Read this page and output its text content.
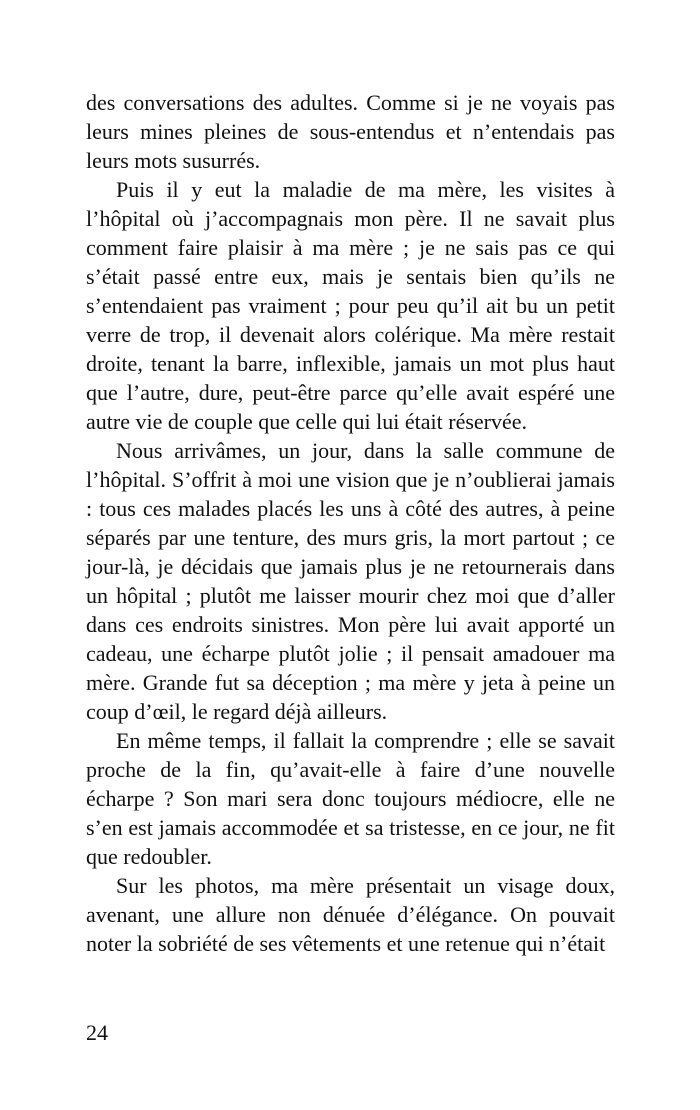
des conversations des adultes. Comme si je ne voyais pas leurs mines pleines de sous-entendus et n’entendais pas leurs mots susurrés.

Puis il y eut la maladie de ma mère, les visites à l’hôpital où j’accompagnais mon père. Il ne savait plus comment faire plaisir à ma mère ; je ne sais pas ce qui s’était passé entre eux, mais je sentais bien qu’ils ne s’entendaient pas vraiment ; pour peu qu’il ait bu un petit verre de trop, il devenait alors colérique. Ma mère restait droite, tenant la barre, inflexible, jamais un mot plus haut que l’autre, dure, peut-être parce qu’elle avait espéré une autre vie de couple que celle qui lui était réservée.

Nous arrivâmes, un jour, dans la salle commune de l’hôpital. S’offrit à moi une vision que je n’oublierai jamais : tous ces malades placés les uns à côté des autres, à peine séparés par une tenture, des murs gris, la mort partout ; ce jour-là, je décidais que jamais plus je ne retournerais dans un hôpital ; plutôt me laisser mourir chez moi que d’aller dans ces endroits sinistres. Mon père lui avait apporté un cadeau, une écharpe plutôt jolie ; il pensait amadouer ma mère. Grande fut sa déception ; ma mère y jeta à peine un coup d’œil, le regard déjà ailleurs.

En même temps, il fallait la comprendre ; elle se savait proche de la fin, qu’avait-elle à faire d’une nouvelle écharpe ? Son mari sera donc toujours médiocre, elle ne s’en est jamais accommodée et sa tristesse, en ce jour, ne fit que redoubler.

Sur les photos, ma mère présentait un visage doux, avenant, une allure non dénuée d’élégance. On pouvait noter la sobriété de ses vêtements et une retenue qui n’était

24
